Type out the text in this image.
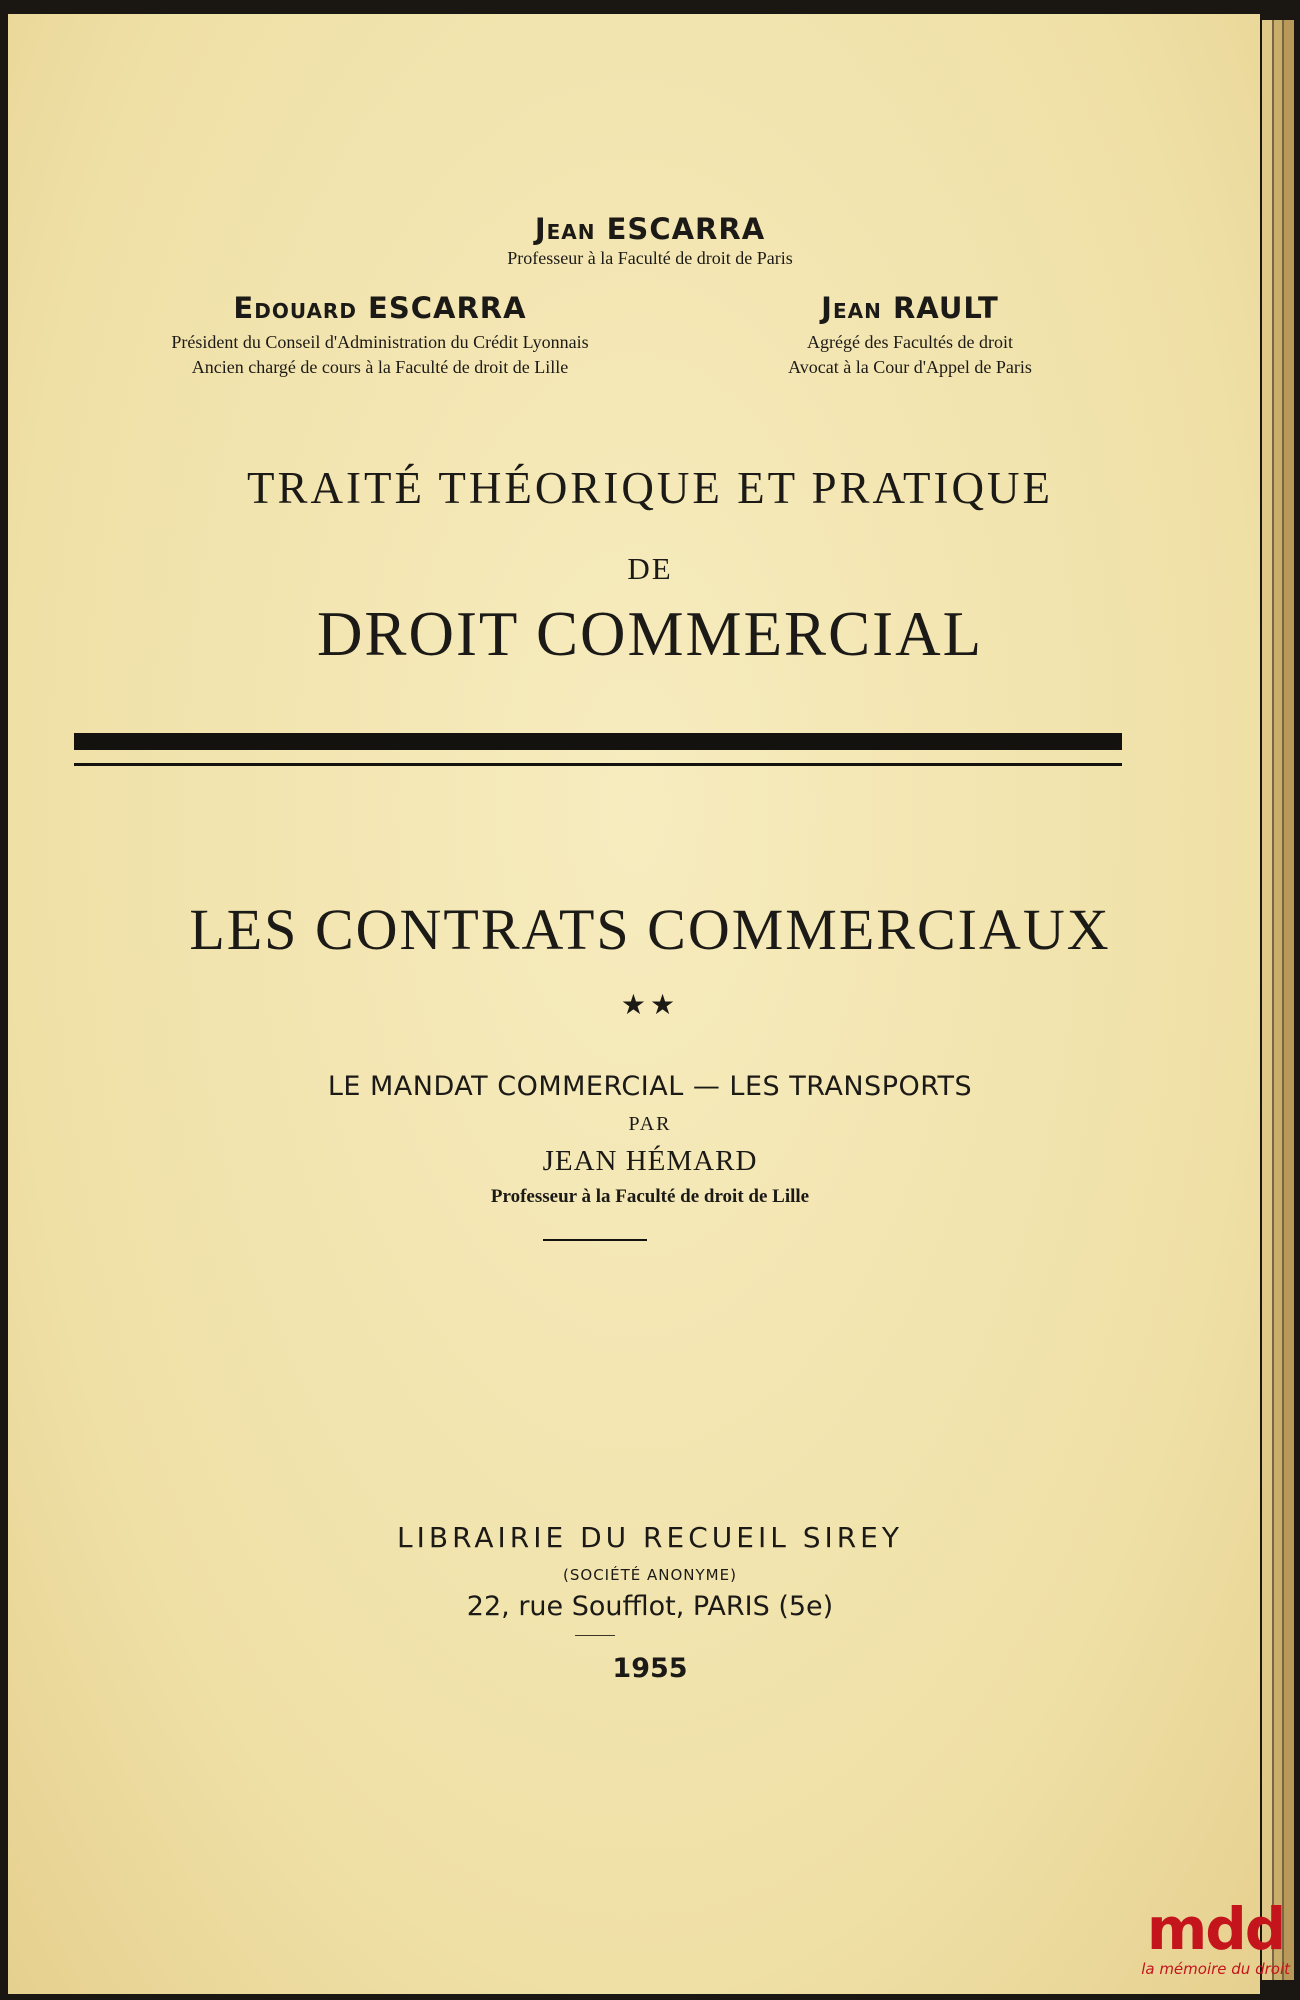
Jean ESCARRA
Professeur à la Faculté de droit de Paris
Edouard ESCARRA
Président du Conseil d'Administration du Crédit Lyonnais
Ancien chargé de cours à la Faculté de droit de Lille
Jean RAULT
Agrégé des Facultés de droit
Avocat à la Cour d'Appel de Paris
TRAITÉ THÉORIQUE ET PRATIQUE
DE
DROIT COMMERCIAL
LES CONTRATS COMMERCIAUX
★★
LE MANDAT COMMERCIAL — LES TRANSPORTS
PAR
JEAN HÉMARD
Professeur à la Faculté de droit de Lille
LIBRAIRIE DU RECUEIL SIREY
(SOCIÉTÉ ANONYME)
22, rue Soufflot, PARIS (5e)
1955
mdd
la mémoire du droit
